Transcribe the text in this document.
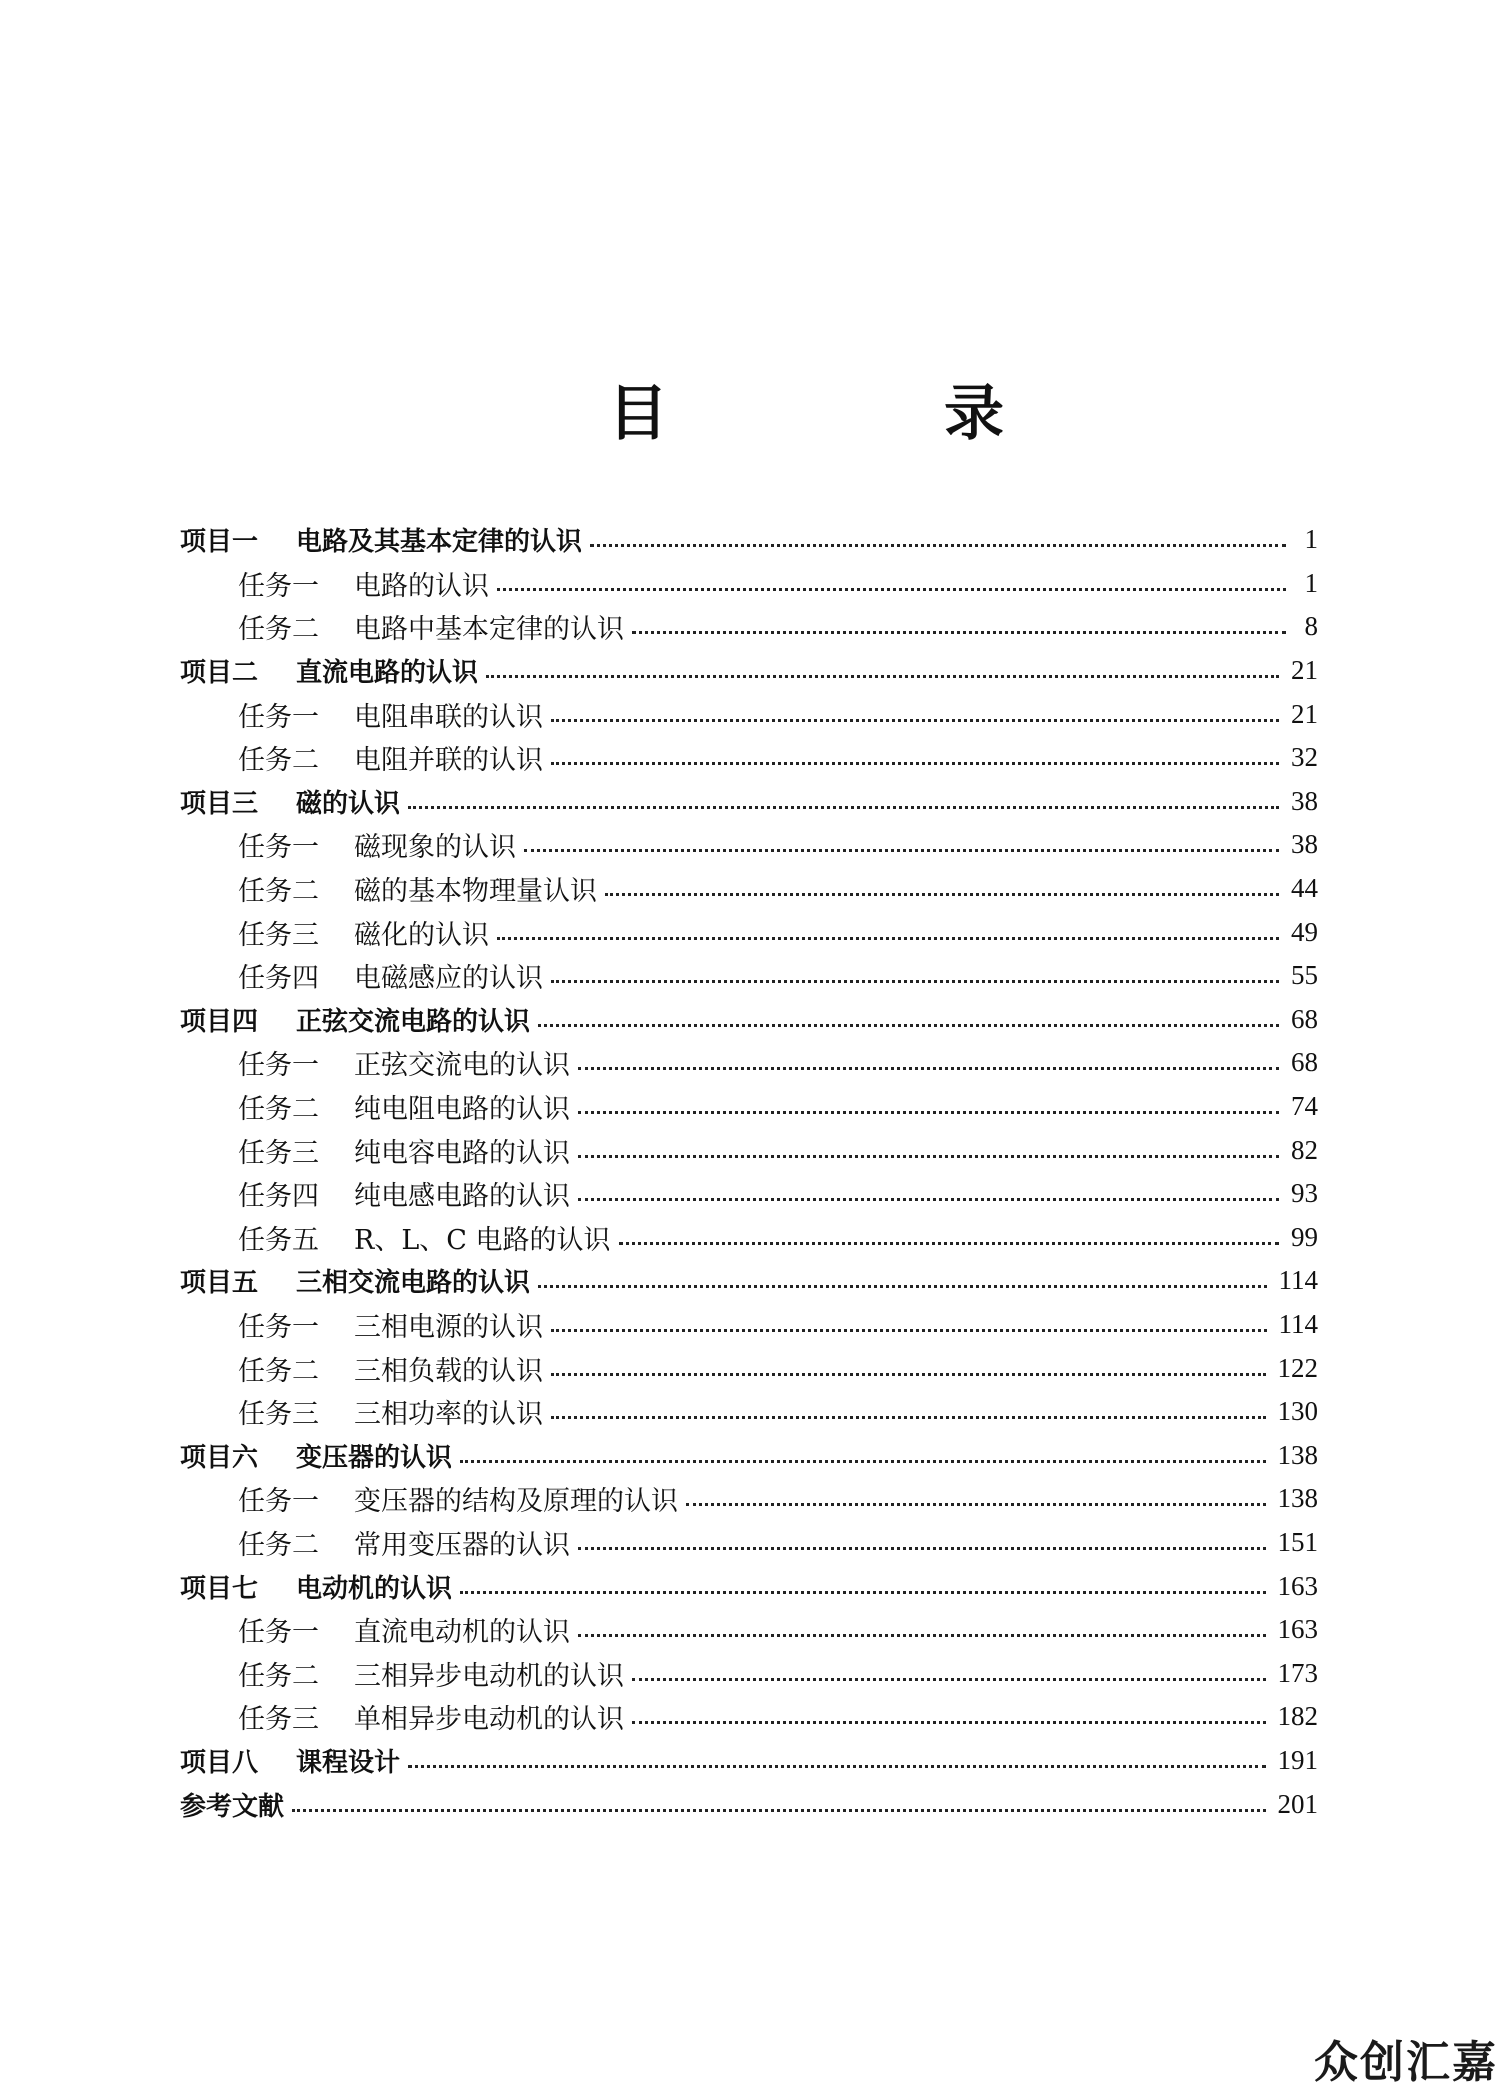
目　录
项目一	电路及其基本定律的认识	1
任务一	电路的认识	1
任务二	电路中基本定律的认识	8
项目二	直流电路的认识	21
任务一	电阻串联的认识	21
任务二	电阻并联的认识	32
项目三	磁的认识	38
任务一	磁现象的认识	38
任务二	磁的基本物理量认识	44
任务三	磁化的认识	49
任务四	电磁感应的认识	55
项目四	正弦交流电路的认识	68
任务一	正弦交流电的认识	68
任务二	纯电阻电路的认识	74
任务三	纯电容电路的认识	82
任务四	纯电感电路的认识	93
任务五	R、L、C 电路的认识	99
项目五	三相交流电路的认识	114
任务一	三相电源的认识	114
任务二	三相负载的认识	122
任务三	三相功率的认识	130
项目六	变压器的认识	138
任务一	变压器的结构及原理的认识	138
任务二	常用变压器的认识	151
项目七	电动机的认识	163
任务一	直流电动机的认识	163
任务二	三相异步电动机的认识	173
任务三	单相异步电动机的认识	182
项目八	课程设计	191
参考文献	201
众创汇嘉
